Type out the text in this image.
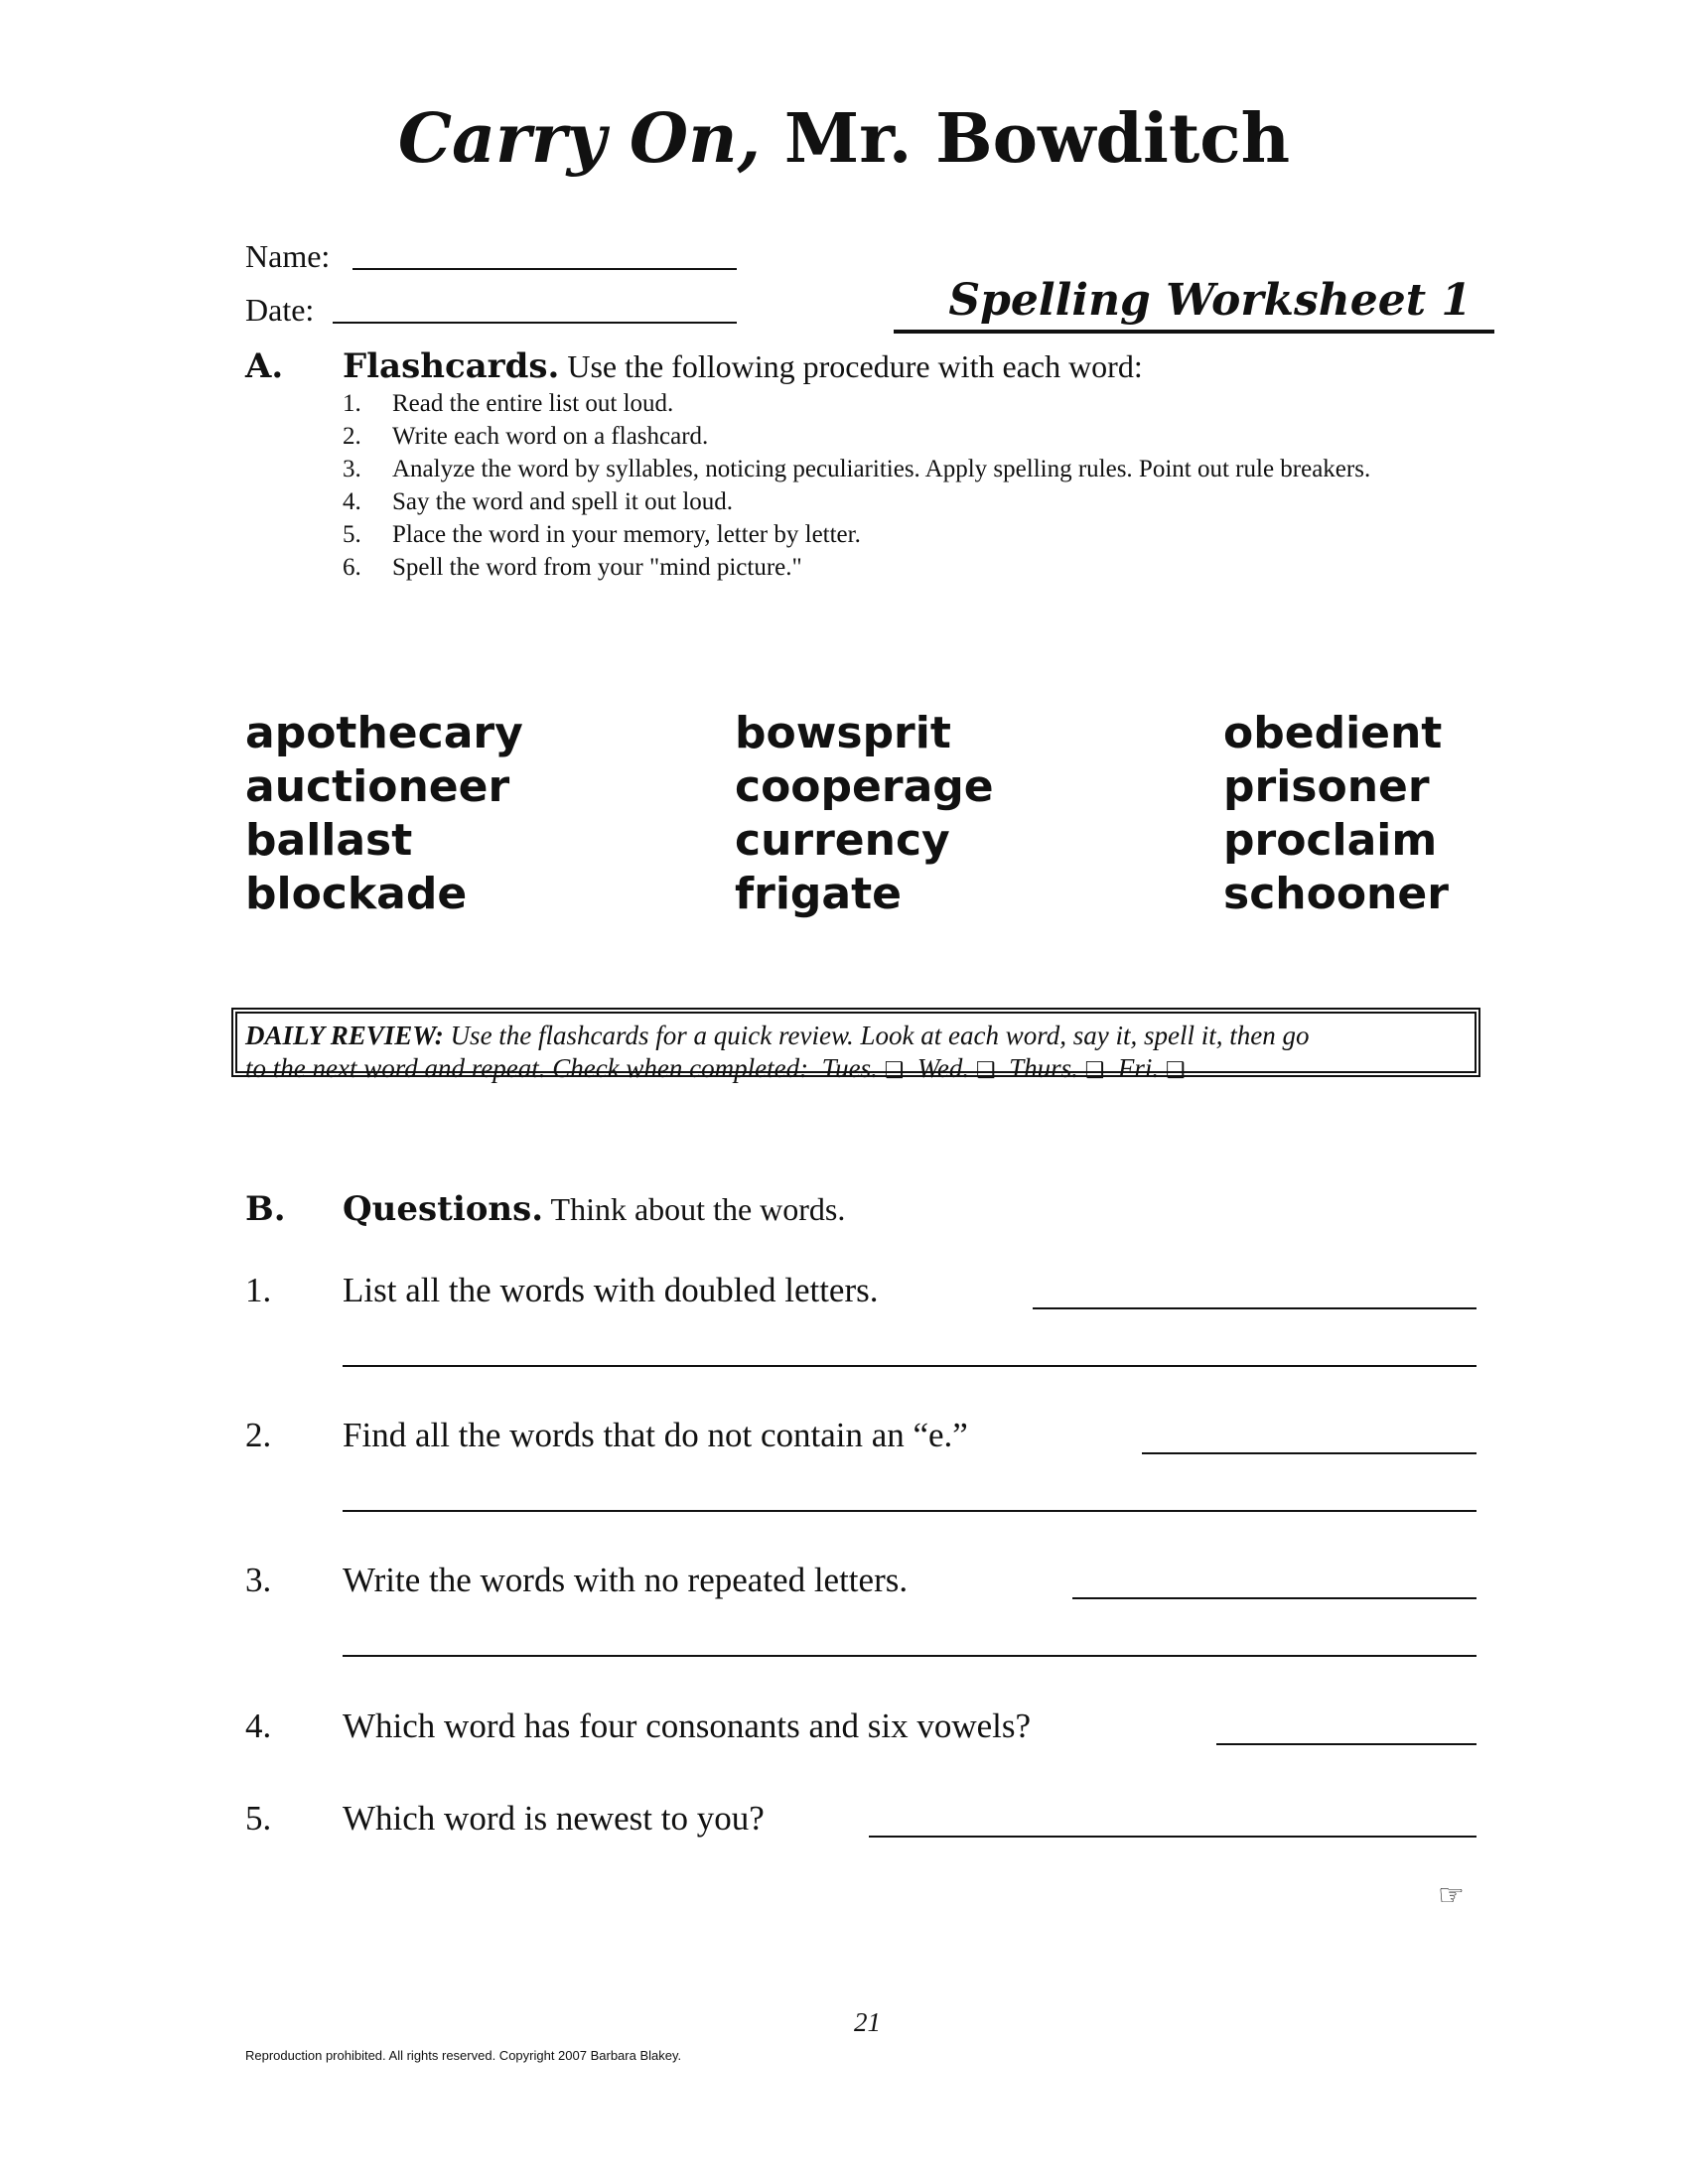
Carry On, Mr. Bowditch
Name:
Date:	Spelling Worksheet 1
A. Flashcards. Use the following procedure with each word:
1. Read the entire list out loud.
2. Write each word on a flashcard.
3. Analyze the word by syllables, noticing peculiarities. Apply spelling rules. Point out rule breakers.
4. Say the word and spell it out loud.
5. Place the word in your memory, letter by letter.
6. Spell the word from your "mind picture."
apothecary
auctioneer
ballast
blockade
bowsprit
cooperage
currency
frigate
obedient
prisoner
proclaim
schooner
DAILY REVIEW: Use the flashcards for a quick review. Look at each word, say it, spell it, then go
to the next word and repeat. Check when completed: Tues. ❑ Wed. ❑ Thurs. ❑ Fri. ❑
B. Questions. Think about the words.
1. List all the words with doubled letters.
2. Find all the words that do not contain an “e.”
3. Write the words with no repeated letters.
4. Which word has four consonants and six vowels?
5. Which word is newest to you?
☞
21
Reproduction prohibited. All rights reserved. Copyright 2007 Barbara Blakey.
